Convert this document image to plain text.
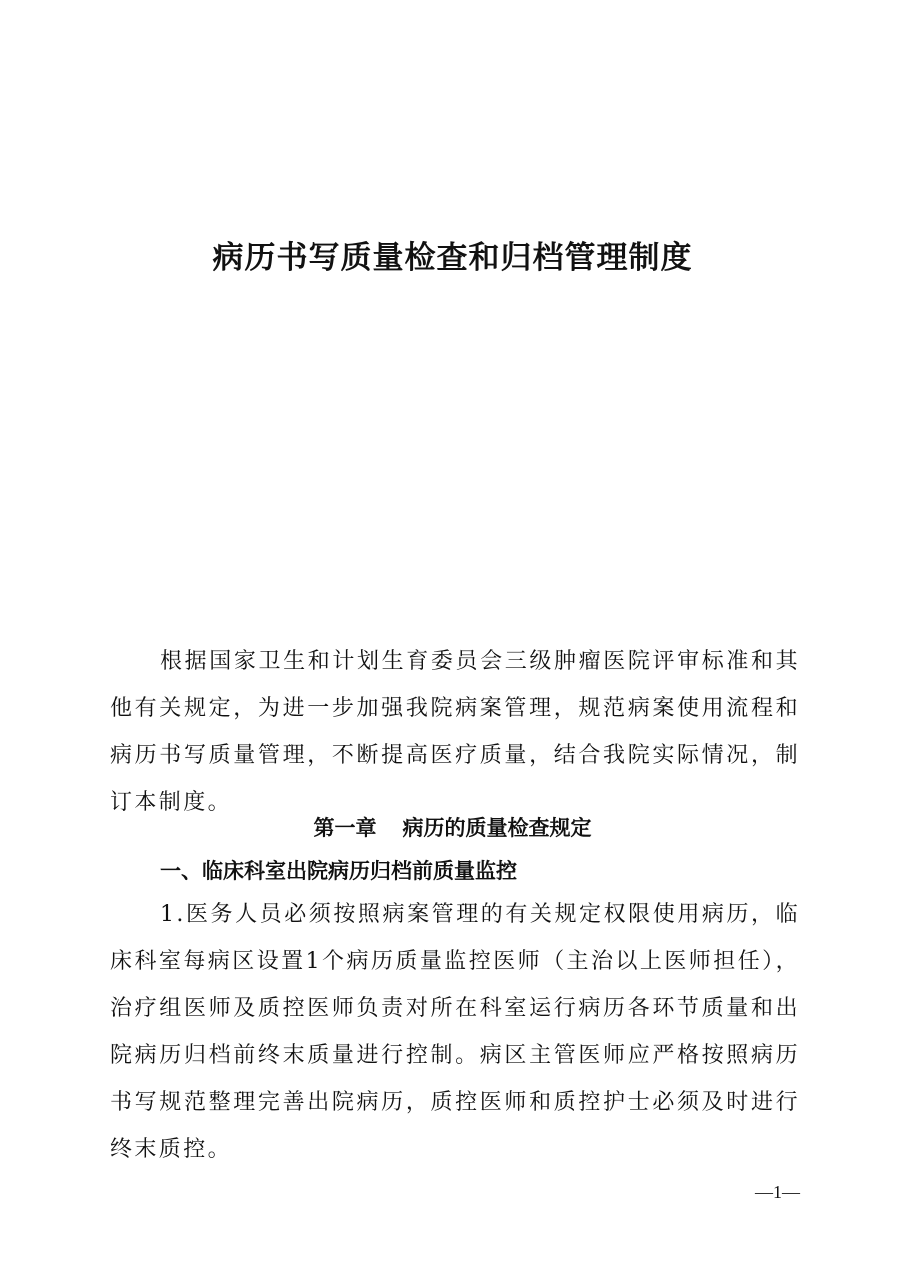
病历书写质量检查和归档管理制度

根据国家卫生和计划生育委员会三级肿瘤医院评审标准和其他有关规定，为进一步加强我院病案管理，规范病案使用流程和病历书写质量管理，不断提高医疗质量，结合我院实际情况，制订本制度。

第一章 病历的质量检查规定
一、临床科室出院病历归档前质量监控

1.医务人员必须按照病案管理的有关规定权限使用病历，临床科室每病区设置1个病历质量监控医师（主治以上医师担任），治疗组医师及质控医师负责对所在科室运行病历各环节质量和出院病历归档前终末质量进行控制。病区主管医师应严格按照病历书写规范整理完善出院病历，质控医师和质控护士必须及时进行终末质控。

—1—
